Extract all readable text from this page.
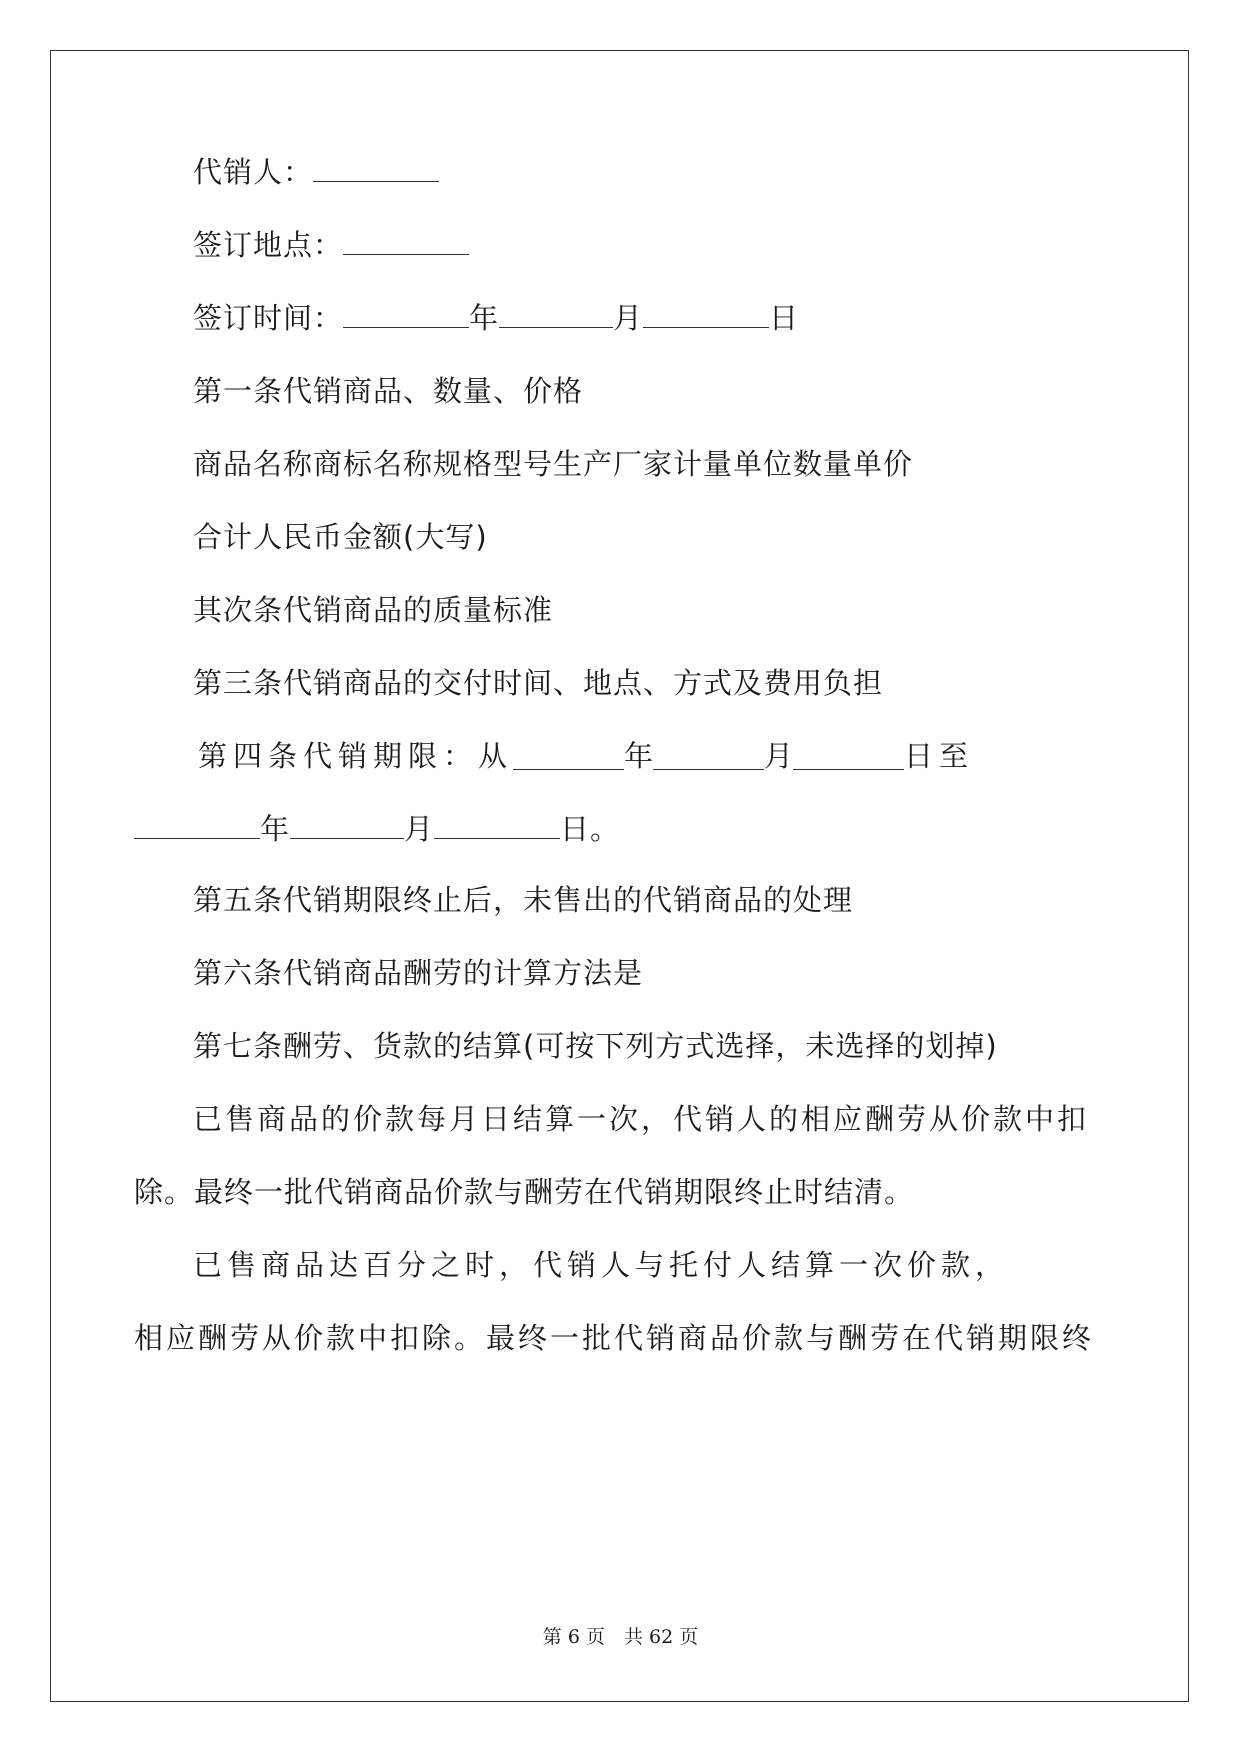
代销人：
签订地点：
签订时间：	年	月	日
第一条代销商品、数量、价格
商品名称商标名称规格型号生产厂家计量单位数量单价
合计人民币金额(大写)
其次条代销商品的质量标准
第三条代销商品的交付时间、地点、方式及费用负担
第四条代销期限：从	年	月	日至
年	月	日。
第五条代销期限终止后，未售出的代销商品的处理
第六条代销商品酬劳的计算方法是
第七条酬劳、货款的结算(可按下列方式选择，未选择的划掉)
已售商品的价款每月日结算一次，代销人的相应酬劳从价款中扣
除。最终一批代销商品价款与酬劳在代销期限终止时结清。
已售商品达百分之 时，代销人与托付人结算一次价款，
相应酬劳从价款中扣除。最终一批代销商品价款与酬劳在代销期限终
第 6 页　共 62 页
